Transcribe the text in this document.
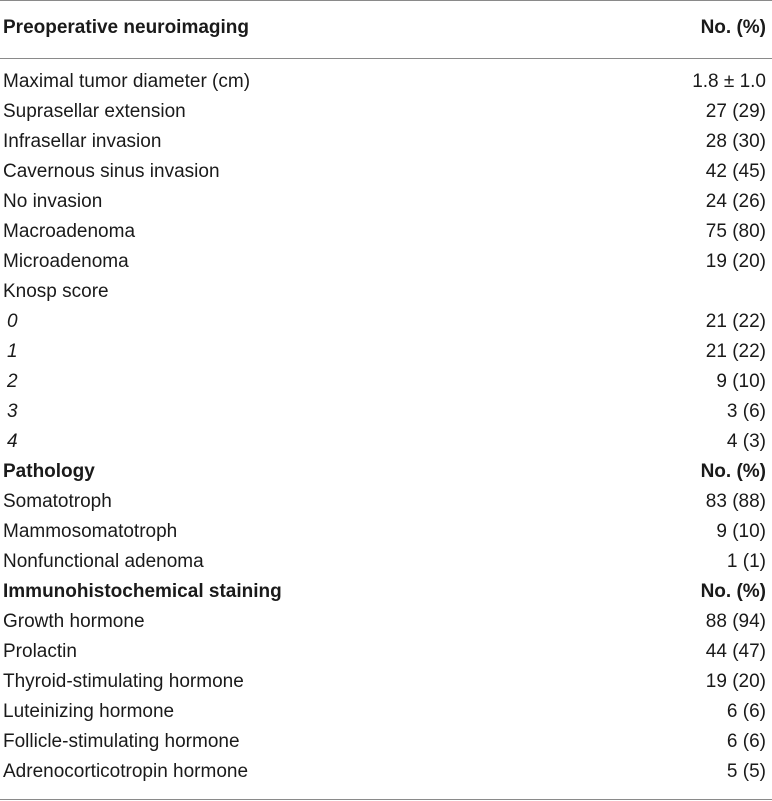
Preoperative neuroimaging	No. (%)
Maximal tumor diameter (cm)	1.8 ± 1.0
Suprasellar extension	27 (29)
Infrasellar invasion	28 (30)
Cavernous sinus invasion	42 (45)
No invasion	24 (26)
Macroadenoma	75 (80)
Microadenoma	19 (20)
Knosp score
0	21 (22)
1	21 (22)
2	9 (10)
3	3 (6)
4	4 (3)
Pathology	No. (%)
Somatotroph	83 (88)
Mammosomatotroph	9 (10)
Nonfunctional adenoma	1 (1)
Immunohistochemical staining	No. (%)
Growth hormone	88 (94)
Prolactin	44 (47)
Thyroid-stimulating hormone	19 (20)
Luteinizing hormone	6 (6)
Follicle-stimulating hormone	6 (6)
Adrenocorticotropin hormone	5 (5)
